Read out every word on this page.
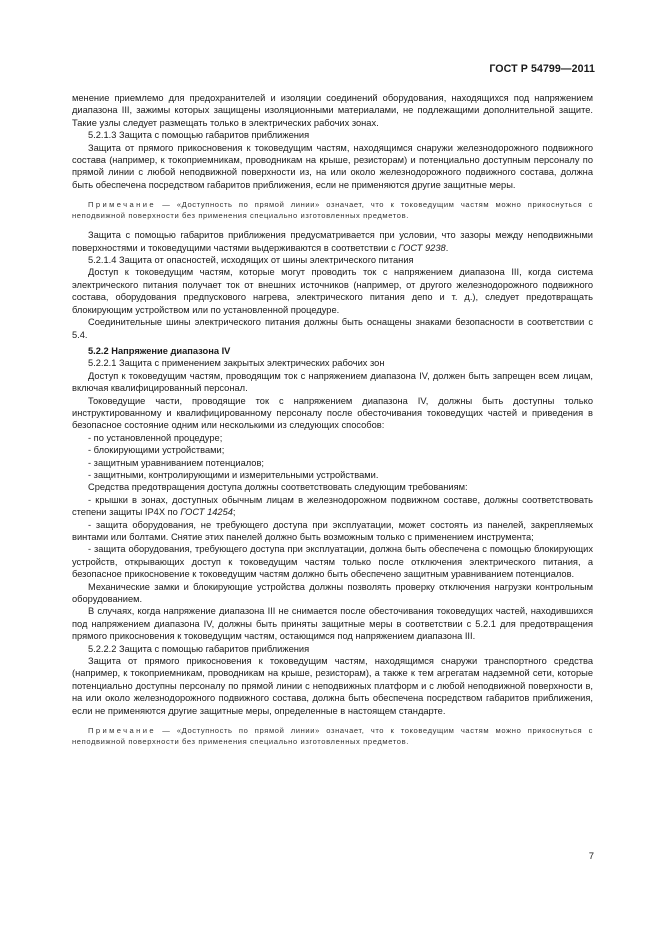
ГОСТ Р 54799—2011

менение приемлемо для предохранителей и изоляции соединений оборудования, находящихся под напряжением диапазона III, зажимы которых защищены изоляционными материалами, не подлежащими дополнительной защите. Такие узлы следует размещать только в электрических рабочих зонах.

5.2.1.3 Защита с помощью габаритов приближения

Защита от прямого прикосновения к токоведущим частям, находящимся снаружи железнодорожного подвижного состава (например, к токоприемникам, проводникам на крыше, резисторам) и потенциально доступным персоналу по прямой линии с любой неподвижной поверхности из, на или около железнодорожного подвижного состава, должна быть обеспечена посредством габаритов приближения, если не применяются другие защитные меры.

Примечание — «Доступность по прямой линии» означает, что к токоведущим частям можно прикоснуться с неподвижной поверхности без применения специально изготовленных предметов.

Защита с помощью габаритов приближения предусматривается при условии, что зазоры между неподвижными поверхностями и токоведущими частями выдерживаются в соответствии с ГОСТ 9238.

5.2.1.4 Защита от опасностей, исходящих от шины электрического питания

Доступ к токоведущим частям, которые могут проводить ток с напряжением диапазона III, когда система электрического питания получает ток от внешних источников (например, от другого железнодорожного подвижного состава, оборудования предпускового нагрева, электрического питания депо и т. д.), следует предотвращать блокирующим устройством или по установленной процедуре.

Соединительные шины электрического питания должны быть оснащены знаками безопасности в соответствии с 5.4.

5.2.2 Напряжение диапазона IV

5.2.2.1 Защита с применением закрытых электрических рабочих зон

Доступ к токоведущим частям, проводящим ток с напряжением диапазона IV, должен быть запрещен всем лицам, включая квалифицированный персонал.

Токоведущие части, проводящие ток с напряжением диапазона IV, должны быть доступны только инструктированному и квалифицированному персоналу после обесточивания токоведущих частей и приведения в безопасное состояние одним или несколькими из следующих способов:

- по установленной процедуре;

- блокирующими устройствами;

- защитным уравниванием потенциалов;

- защитными, контролирующими и измерительными устройствами.

Средства предотвращения доступа должны соответствовать следующим требованиям:

- крышки в зонах, доступных обычным лицам в железнодорожном подвижном составе, должны соответствовать степени защиты IP4X по ГОСТ 14254;

- защита оборудования, не требующего доступа при эксплуатации, может состоять из панелей, закрепляемых винтами или болтами. Снятие этих панелей должно быть возможным только с применением инструмента;

- защита оборудования, требующего доступа при эксплуатации, должна быть обеспечена с помощью блокирующих устройств, открывающих доступ к токоведущим частям только после отключения электрического питания, а безопасное прикосновение к токоведущим частям должно быть обеспечено защитным уравниванием потенциалов.

Механические замки и блокирующие устройства должны позволять проверку отключения нагрузки контрольным оборудованием.

В случаях, когда напряжение диапазона III не снимается после обесточивания токоведущих частей, находившихся под напряжением диапазона IV, должны быть приняты защитные меры в соответствии с 5.2.1 для предотвращения прямого прикосновения к токоведущим частям, остающимся под напряжением диапазона III.

5.2.2.2 Защита с помощью габаритов приближения

Защита от прямого прикосновения к токоведущим частям, находящимся снаружи транспортного средства (например, к токоприемникам, проводникам на крыше, резисторам), а также к тем агрегатам надземной сети, которые потенциально доступны персоналу по прямой линии с неподвижных платформ и с любой неподвижной поверхности в, на или около железнодорожного подвижного состава, должна быть обеспечена посредством габаритов приближения, если не применяются другие защитные меры, определенные в настоящем стандарте.

Примечание — «Доступность по прямой линии» означает, что к токоведущим частям можно прикоснуться с неподвижной поверхности без применения специально изготовленных предметов.

7
